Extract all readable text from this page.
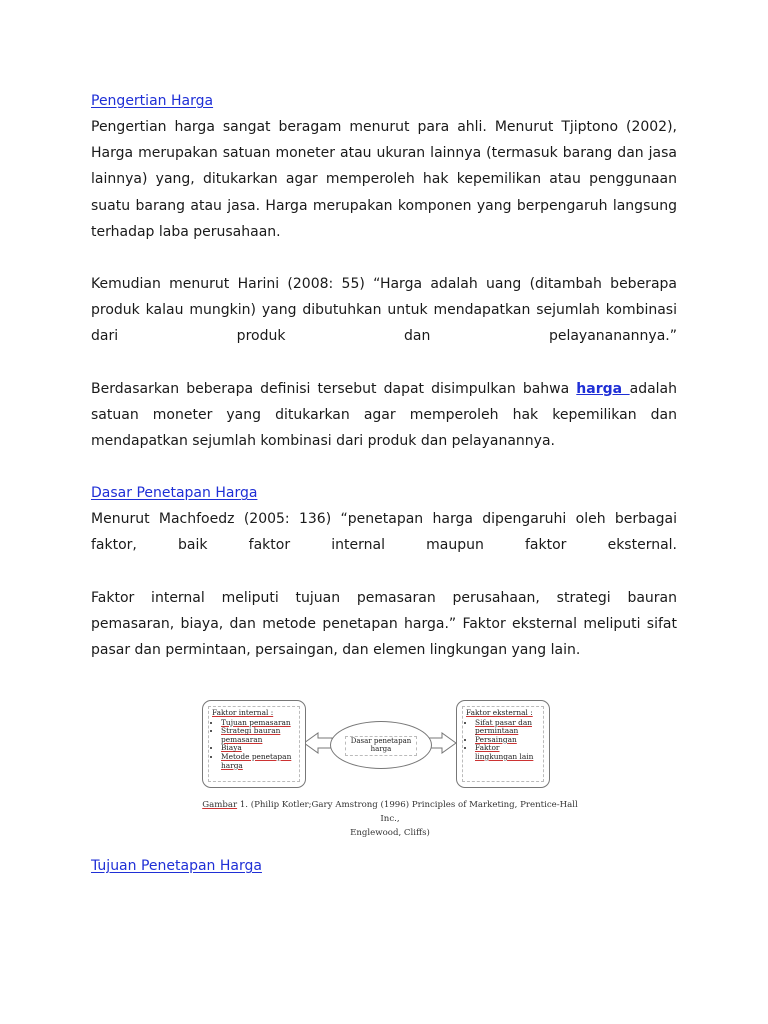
Pengertian Harga

Pengertian harga sangat beragam menurut para ahli. Menurut Tjiptono (2002), Harga merupakan satuan moneter atau ukuran lainnya (termasuk barang dan jasa lainnya) yang, ditukarkan agar memperoleh hak kepemilikan atau penggunaan suatu barang atau jasa. Harga merupakan komponen yang berpengaruh langsung terhadap laba perusahaan.

Kemudian menurut Harini (2008: 55) “Harga adalah uang (ditambah beberapa produk kalau mungkin) yang dibutuhkan untuk mendapatkan sejumlah kombinasi dari produk dan pelayananannya.”

Berdasarkan beberapa definisi tersebut dapat disimpulkan bahwa harga adalah satuan moneter yang ditukarkan agar memperoleh hak kepemilikan dan mendapatkan sejumlah kombinasi dari produk dan pelayanannya.

Dasar Penetapan Harga

Menurut Machfoedz (2005: 136) “penetapan harga dipengaruhi oleh berbagai faktor, baik faktor internal maupun faktor eksternal.

Faktor internal meliputi tujuan pemasaran perusahaan, strategi bauran pemasaran, biaya, dan metode penetapan harga.” Faktor eksternal meliputi sifat pasar dan permintaan, persaingan, dan elemen lingkungan yang lain.

Faktor internal :
• Tujuan pemasaran
• Strategi bauran pemasaran
• Biaya
• Metode penetapan harga
Dasar penetapan harga
Faktor eksternal :
• Sifat pasar dan permintaan
• Persaingan
• Faktor lingkungan lain
Gambar 1. (Philip Kotler;Gary Amstrong (1996) Principles of Marketing, Prentice-Hall Inc.,
Englewood, Cliffs)
Tujuan Penetapan Harga
